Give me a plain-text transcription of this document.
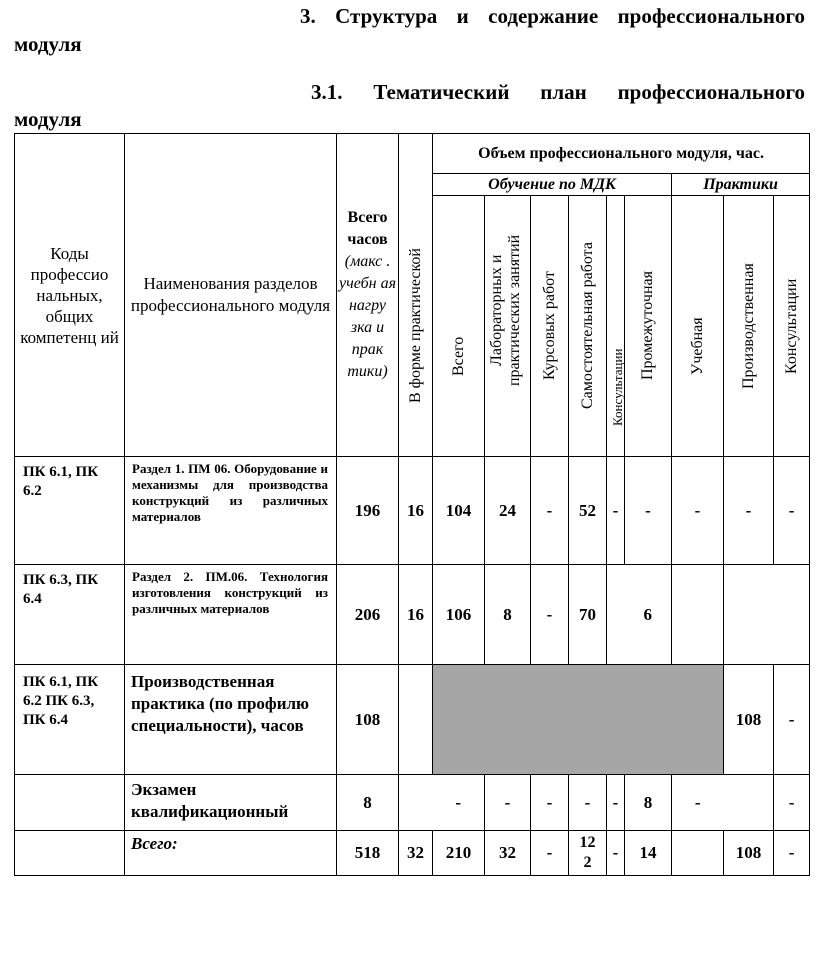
3. Структура и содержание профессионального
модуля
3.1. Тематический план профессионального
модуля
Коды профессио нальных, общих компетенц ий	Наименования разделов профессионального модуля	Всего часов
(макс . учебн ая нагру зка и прак тики)		Объем профессионального модуля, час.								
				Обучение по МДК						Практики		

			В форме практической	Всего	Лабораторных и практических занятий	Курсовых работ	Самостоятельная работа	Консультации	Промежуточная	Учебная	Производственная	Консультации

ПК 6.1, ПК 6.2	Раздел 1. ПМ 06. Оборудование и механизмы для производства конструкций из различных материалов	196	16	104	24	-	52	-	-	-	-	-
ПК 6.3, ПК 6.4	Раздел 2. ПМ.06. Технология изготовления конструкций из различных материалов	206	16	106	8	-	70		6			
ПК 6.1, ПК 6.2 ПК 6.3, ПК 6.4	Производственная практика (по профилю специальности), часов	108									108	-
	Экзамен квалификационный	8		-	-	-	-	-	8	-		-
	Всего:	518	32	210	32	-	12 2	-	14		108	-
